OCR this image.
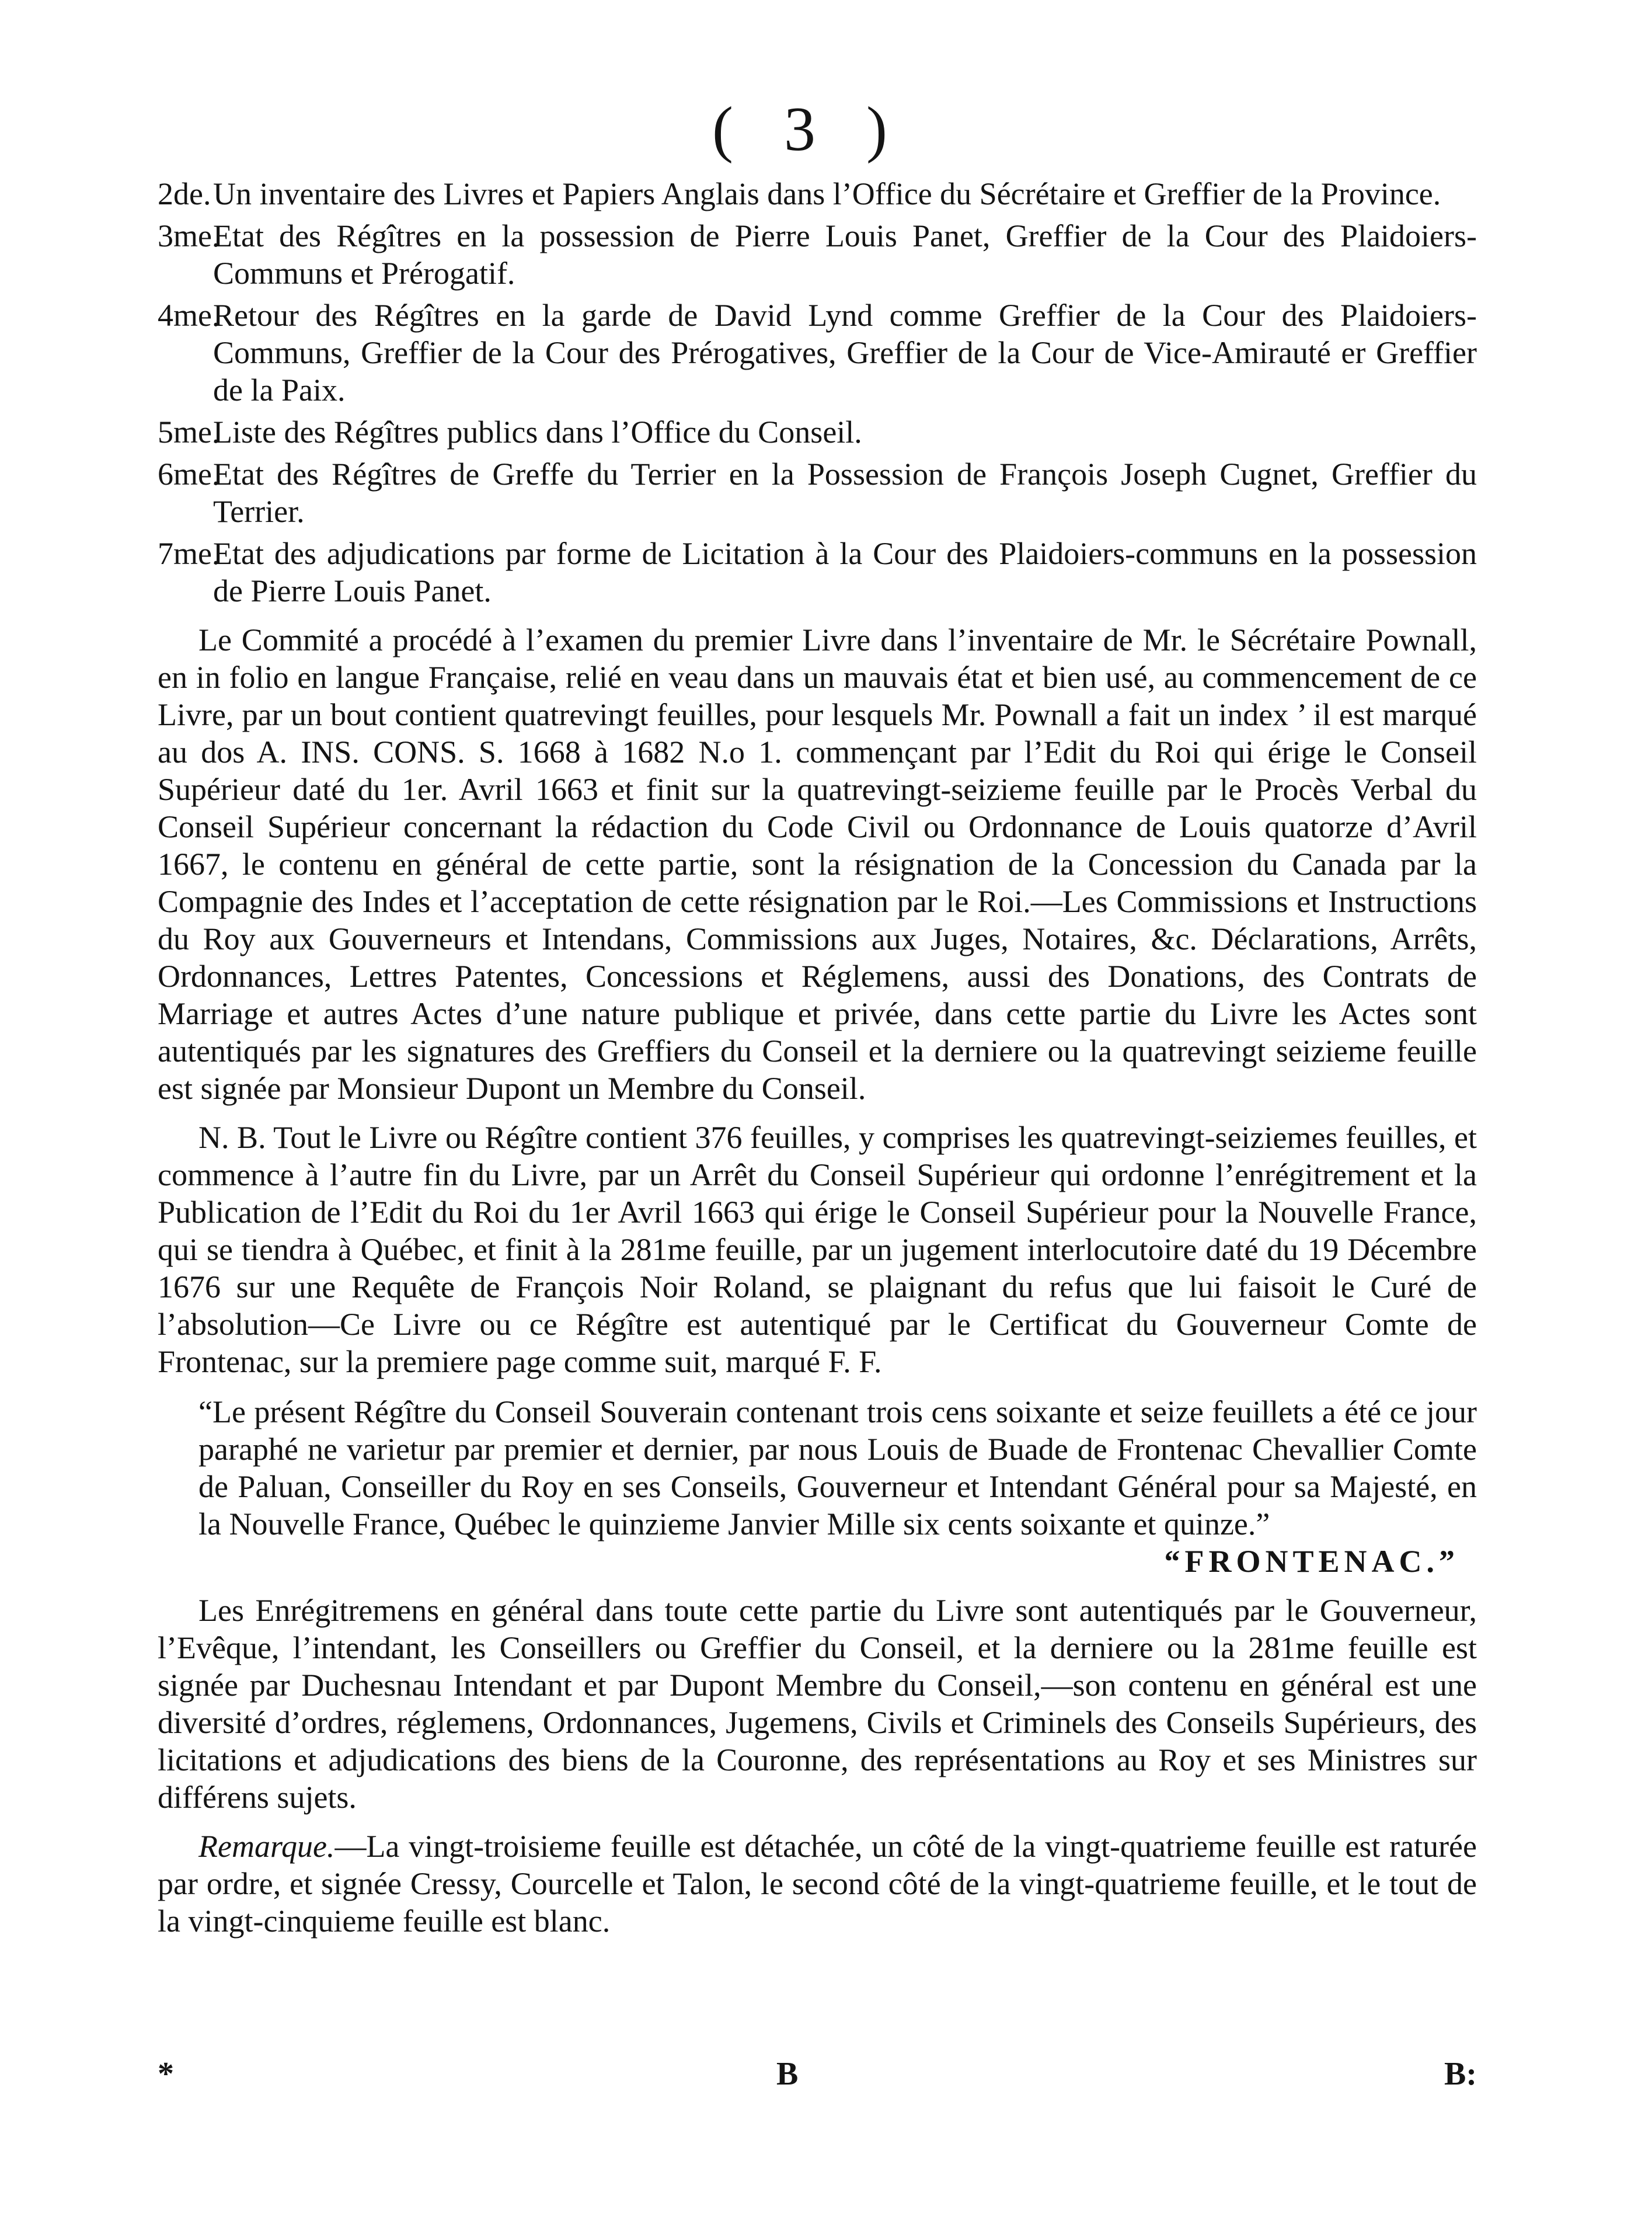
( 3 )
2de.Un inventaire des Livres et Papiers Anglais dans l’Office du Sécrétaire et Greffier de la Province.
3me.Etat des Régîtres en la possession de Pierre Louis Panet, Greffier de la Cour des Plaidoiers-Communs et Prérogatif.
4me.Retour des Régîtres en la garde de David Lynd comme Greffier de la Cour des Plaidoiers-Communs, Greffier de la Cour des Prérogatives, Greffier de la Cour de Vice-Amirauté er Greffier de la Paix.
5me.Liste des Régîtres publics dans l’Office du Conseil.
6me.Etat des Régîtres de Greffe du Terrier en la Possession de François Joseph Cugnet, Greffier du Terrier.
7me.Etat des adjudications par forme de Licitation à la Cour des Plaidoiers-communs en la possession de Pierre Louis Panet.

Le Commité a procédé à l’examen du premier Livre dans l’inventaire de Mr. le Sécrétaire Pownall, en in folio en langue Française, relié en veau dans un mauvais état et bien usé, au commencement de ce Livre, par un bout contient quatrevingt feuilles, pour lesquels Mr. Pownall a fait un index ’ il est marqué au dos A. INS. CONS. S. 1668 à 1682 N.o 1. commençant par l’Edit du Roi qui érige le Conseil Supérieur daté du 1er. Avril 1663 et finit sur la quatrevingt-seizieme feuille par le Procès Verbal du Conseil Supérieur concernant la rédaction du Code Civil ou Ordonnance de Louis quatorze d’Avril 1667, le contenu en général de cette partie, sont la résignation de la Concession du Canada par la Compagnie des Indes et l’acceptation de cette résignation par le Roi.—Les Commissions et Instructions du Roy aux Gouverneurs et Intendans, Commissions aux Juges, Notaires, &c. Déclarations, Arrêts, Ordonnances, Lettres Patentes, Concessions et Réglemens, aussi des Donations, des Contrats de Marriage et autres Actes d’une nature publique et privée, dans cette partie du Livre les Actes sont autentiqués par les signatures des Greffiers du Conseil et la derniere ou la quatrevingt seizieme feuille est signée par Monsieur Dupont un Membre du Conseil.

N. B. Tout le Livre ou Régître contient 376 feuilles, y comprises les quatrevingt-seiziemes feuilles, et commence à l’autre fin du Livre, par un Arrêt du Conseil Supérieur qui ordonne l’enrégitrement et la Publication de l’Edit du Roi du 1er Avril 1663 qui érige le Conseil Supérieur pour la Nouvelle France, qui se tiendra à Québec, et finit à la 281me feuille, par un jugement interlocutoire daté du 19 Décembre 1676 sur une Requête de François Noir Roland, se plaignant du refus que lui faisoit le Curé de l’absolution—Ce Livre ou ce Régître est autentiqué par le Certificat du Gouverneur Comte de Frontenac, sur la premiere page comme suit, marqué F. F.

“Le présent Régître du Conseil Souverain contenant trois cens soixante et seize feuillets a été ce jour paraphé ne varietur par premier et dernier, par nous Louis de Buade de Frontenac Chevallier Comte de Paluan, Conseiller du Roy en ses Conseils, Gouverneur et Intendant Général pour sa Majesté, en la Nouvelle France, Québec le quinzieme Janvier Mille six cents soixante et quinze.”
“FRONTENAC.”

Les Enrégitremens en général dans toute cette partie du Livre sont autentiqués par le Gouverneur, l’Evêque, l’intendant, les Conseillers ou Greffier du Conseil, et la derniere ou la 281me feuille est signée par Duchesnau Intendant et par Dupont Membre du Conseil,—son contenu en général est une diversité d’ordres, réglemens, Ordonnances, Jugemens, Civils et Criminels des Conseils Supérieurs, des licitations et adjudications des biens de la Couronne, des représentations au Roy et ses Ministres sur différens sujets.

Remarque.—La vingt-troisieme feuille est détachée, un côté de la vingt-quatrieme feuille est raturée par ordre, et signée Cressy, Courcelle et Talon, le second côté de la vingt-quatrieme feuille, et le tout de la vingt-cinquieme feuille est blanc.

*	B	B:
